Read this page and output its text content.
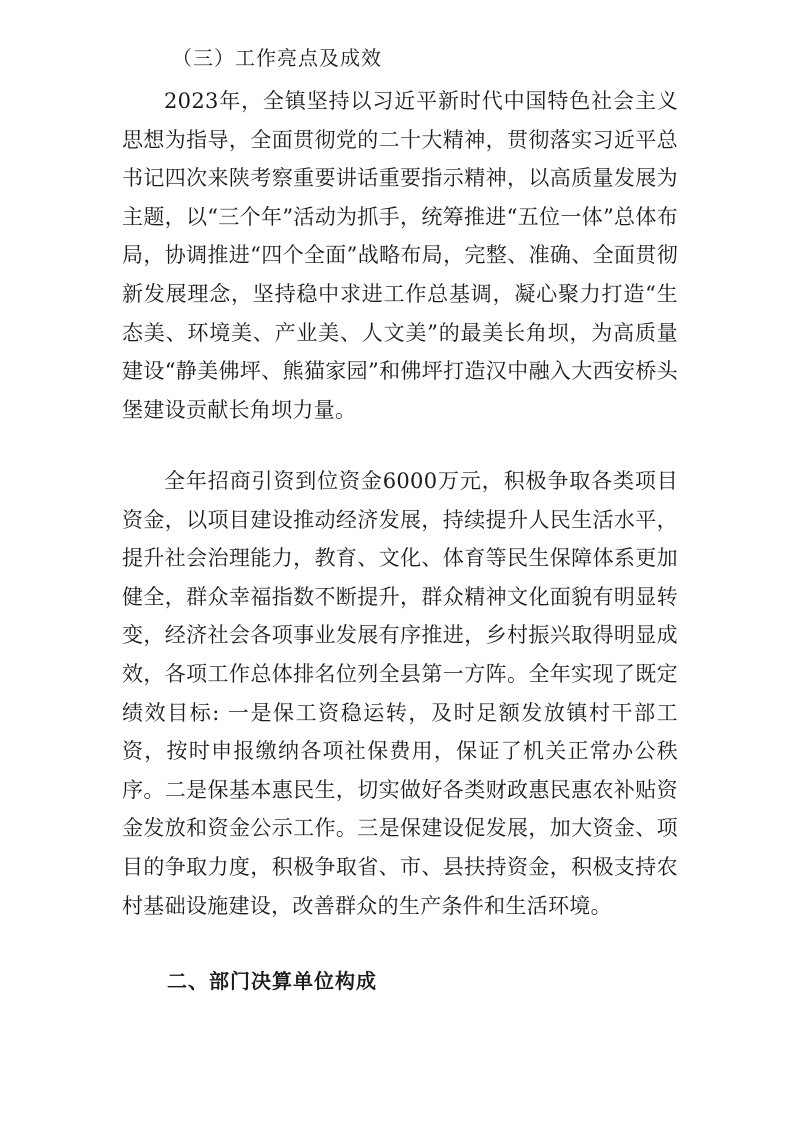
（三）工作亮点及成效

2023年，全镇坚持以习近平新时代中国特色社会主义思想为指导，全面贯彻党的二十大精神，贯彻落实习近平总书记四次来陕考察重要讲话重要指示精神，以高质量发展为主题，以“三个年”活动为抓手，统筹推进“五位一体”总体布局，协调推进“四个全面”战略布局，完整、准确、全面贯彻新发展理念，坚持稳中求进工作总基调，凝心聚力打造“生态美、环境美、产业美、人文美”的最美长角坝，为高质量建设“静美佛坪、熊猫家园”和佛坪打造汉中融入大西安桥头堡建设贡献长角坝力量。

全年招商引资到位资金6000万元，积极争取各类项目资金，以项目建设推动经济发展，持续提升人民生活水平，提升社会治理能力，教育、文化、体育等民生保障体系更加健全，群众幸福指数不断提升，群众精神文化面貌有明显转变，经济社会各项事业发展有序推进，乡村振兴取得明显成效，各项工作总体排名位列全县第一方阵。全年实现了既定绩效目标: 一是保工资稳运转，及时足额发放镇村干部工资，按时申报缴纳各项社保费用，保证了机关正常办公秩序。二是保基本惠民生，切实做好各类财政惠民惠农补贴资金发放和资金公示工作。三是保建设促发展，加大资金、项目的争取力度，积极争取省、市、县扶持资金，积极支持农村基础设施建设，改善群众的生产条件和生活环境。

二、部门决算单位构成
